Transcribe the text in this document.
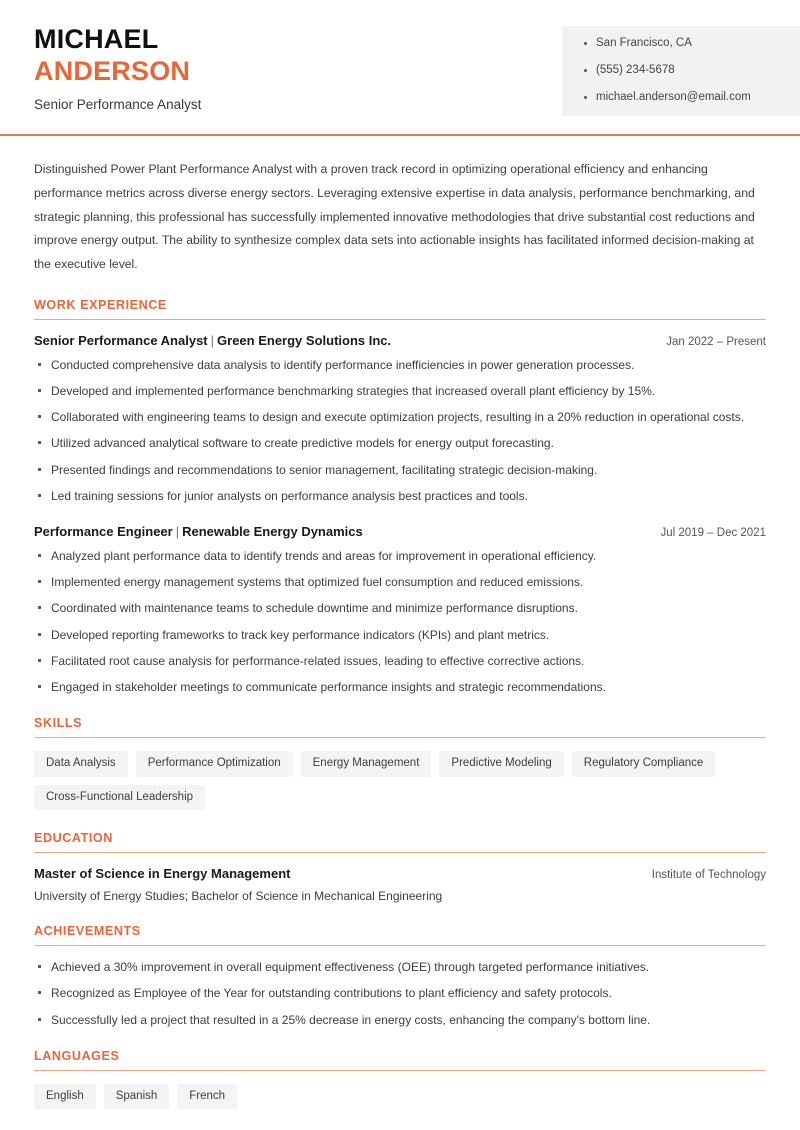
MICHAEL
ANDERSON
Senior Performance Analyst
San Francisco, CA
(555) 234-5678
michael.anderson@email.com

Distinguished Power Plant Performance Analyst with a proven track record in optimizing operational efficiency and enhancing performance metrics across diverse energy sectors. Leveraging extensive expertise in data analysis, performance benchmarking, and strategic planning, this professional has successfully implemented innovative methodologies that drive substantial cost reductions and improve energy output. The ability to synthesize complex data sets into actionable insights has facilitated informed decision-making at the executive level.

WORK EXPERIENCE
Senior Performance Analyst | Green Energy Solutions Inc.	Jan 2022 – Present
Conducted comprehensive data analysis to identify performance inefficiencies in power generation processes.
Developed and implemented performance benchmarking strategies that increased overall plant efficiency by 15%.
Collaborated with engineering teams to design and execute optimization projects, resulting in a 20% reduction in operational costs.
Utilized advanced analytical software to create predictive models for energy output forecasting.
Presented findings and recommendations to senior management, facilitating strategic decision-making.
Led training sessions for junior analysts on performance analysis best practices and tools.
Performance Engineer | Renewable Energy Dynamics	Jul 2019 – Dec 2021
Analyzed plant performance data to identify trends and areas for improvement in operational efficiency.
Implemented energy management systems that optimized fuel consumption and reduced emissions.
Coordinated with maintenance teams to schedule downtime and minimize performance disruptions.
Developed reporting frameworks to track key performance indicators (KPIs) and plant metrics.
Facilitated root cause analysis for performance-related issues, leading to effective corrective actions.
Engaged in stakeholder meetings to communicate performance insights and strategic recommendations.
SKILLS
Data Analysis	Performance Optimization	Energy Management	Predictive Modeling	Regulatory Compliance
Cross-Functional Leadership
EDUCATION
Master of Science in Energy Management	Institute of Technology
University of Energy Studies; Bachelor of Science in Mechanical Engineering
ACHIEVEMENTS
Achieved a 30% improvement in overall equipment effectiveness (OEE) through targeted performance initiatives.
Recognized as Employee of the Year for outstanding contributions to plant efficiency and safety protocols.
Successfully led a project that resulted in a 25% decrease in energy costs, enhancing the company's bottom line.
LANGUAGES
English	Spanish	French
